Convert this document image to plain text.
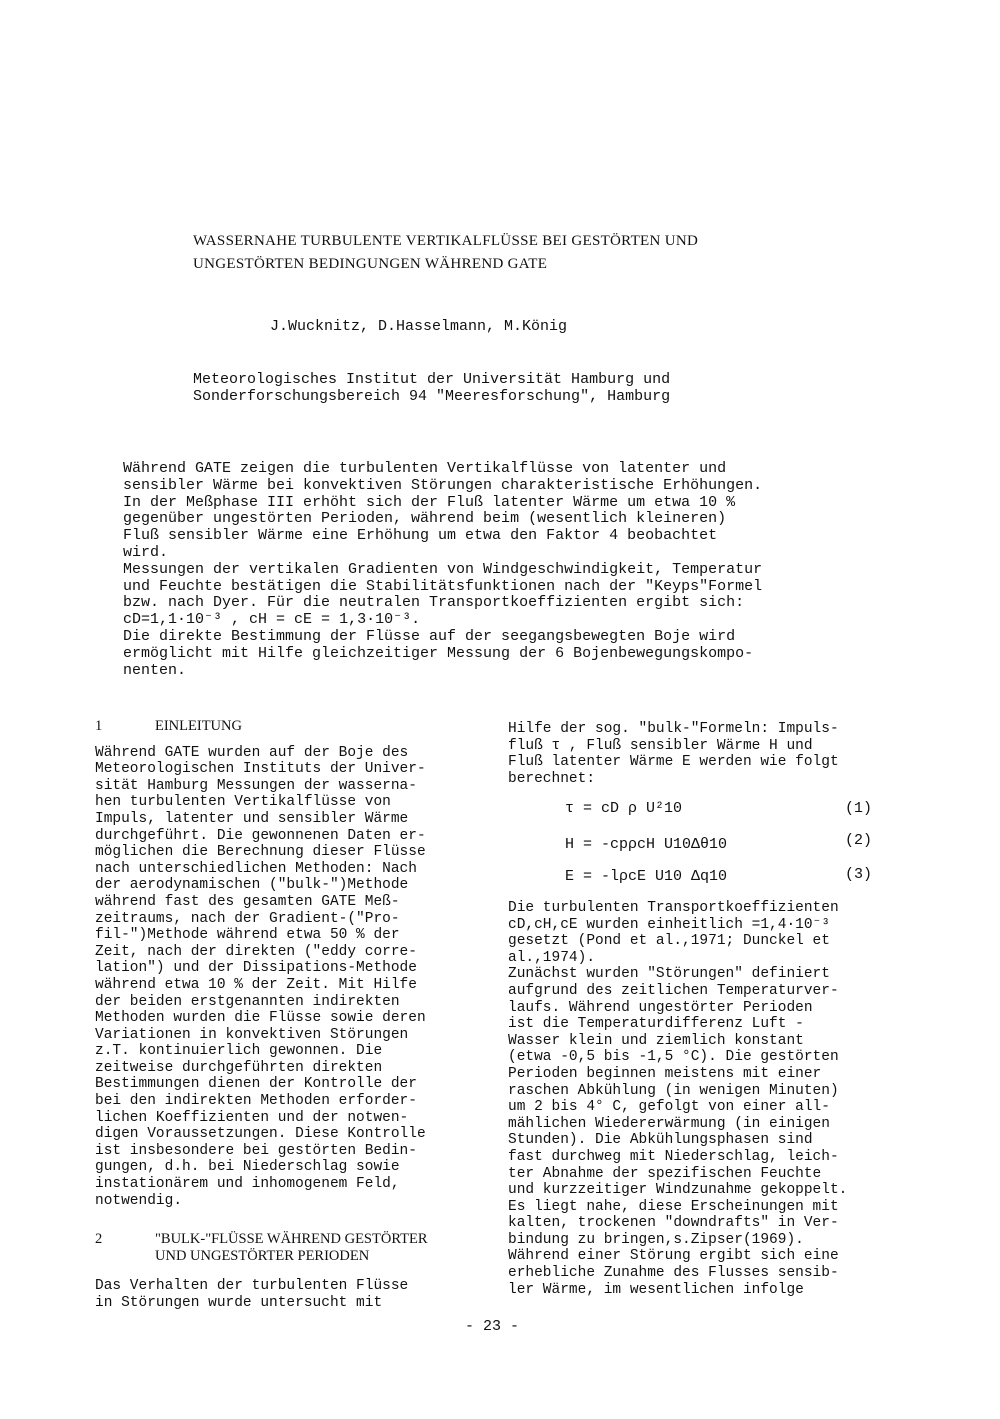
WASSERNAHE TURBULENTE VERTIKALFLÜSSE BEI GESTÖRTEN UND
UNGESTÖRTEN BEDINGUNGEN WÄHREND GATE
J.Wucknitz, D.Hasselmann, M.König
Meteorologisches Institut der Universität Hamburg und
Sonderforschungsbereich 94 "Meeresforschung", Hamburg
Während GATE zeigen die turbulenten Vertikalflüsse von latenter und
sensibler Wärme bei konvektiven Störungen charakteristische Erhöhungen.
In der Meßphase III erhöht sich der Fluß latenter Wärme um etwa 10 %
gegenüber ungestörten Perioden, während beim (wesentlich kleineren)
Fluß sensibler Wärme eine Erhöhung um etwa den Faktor 4 beobachtet
wird.
Messungen der vertikalen Gradienten von Windgeschwindigkeit, Temperatur
und Feuchte bestätigen die Stabilitätsfunktionen nach der "Keyps"Formel
bzw. nach Dyer. Für die neutralen Transportkoeffizienten ergibt sich:
cD=1,1·10⁻³ , cH = cE = 1,3·10⁻³.
Die direkte Bestimmung der Flüsse auf der seegangsbewegten Boje wird
ermöglicht mit Hilfe gleichzeitiger Messung der 6 Bojenbewegungskompo-
nenten.
1	EINLEITUNG
Während GATE wurden auf der Boje des
Meteorologischen Instituts der Univer-
sität Hamburg Messungen der wasserna-
hen turbulenten Vertikalflüsse von
Impuls, latenter und sensibler Wärme
durchgeführt. Die gewonnenen Daten er-
möglichen die Berechnung dieser Flüsse
nach unterschiedlichen Methoden: Nach
der aerodynamischen ("bulk-")Methode
während fast des gesamten GATE Meß-
zeitraums, nach der Gradient-("Pro-
fil-")Methode während etwa 50 % der
Zeit, nach der direkten ("eddy corre-
lation") und der Dissipations-Methode
während etwa 10 % der Zeit. Mit Hilfe
der beiden erstgenannten indirekten
Methoden wurden die Flüsse sowie deren
Variationen in konvektiven Störungen
z.T. kontinuierlich gewonnen. Die
zeitweise durchgeführten direkten
Bestimmungen dienen der Kontrolle der
bei den indirekten Methoden erforder-
lichen Koeffizienten und der notwen-
digen Voraussetzungen. Diese Kontrolle
ist insbesondere bei gestörten Bedin-
gungen, d.h. bei Niederschlag sowie
instationärem und inhomogenem Feld,
notwendig.
2	"BULK-"FLÜSSE WÄHREND GESTÖRTER
UND UNGESTÖRTER PERIODEN
Das Verhalten der turbulenten Flüsse
in Störungen wurde untersucht mit
Hilfe der sog. "bulk-"Formeln: Impuls-
fluß τ , Fluß sensibler Wärme H und
Fluß latenter Wärme E werden wie folgt
berechnet:
τ = cD ρ U²10	(1)
H = -cpρcH U10Δθ10	(2)
E = -lρcE U10 Δq10	(3)
Die turbulenten Transportkoeffizienten
cD,cH,cE wurden einheitlich =1,4·10⁻³
gesetzt (Pond et al.,1971; Dunckel et
al.,1974).
Zunächst wurden "Störungen" definiert
aufgrund des zeitlichen Temperaturver-
laufs. Während ungestörter Perioden
ist die Temperaturdifferenz Luft -
Wasser klein und ziemlich konstant
(etwa -0,5 bis -1,5 °C). Die gestörten
Perioden beginnen meistens mit einer
raschen Abkühlung (in wenigen Minuten)
um 2 bis 4° C, gefolgt von einer all-
mählichen Wiedererwärmung (in einigen
Stunden). Die Abkühlungsphasen sind
fast durchweg mit Niederschlag, leich-
ter Abnahme der spezifischen Feuchte
und kurzzeitiger Windzunahme gekoppelt.
Es liegt nahe, diese Erscheinungen mit
kalten, trockenen "downdrafts" in Ver-
bindung zu bringen,s.Zipser(1969).
Während einer Störung ergibt sich eine
erhebliche Zunahme des Flusses sensib-
ler Wärme, im wesentlichen infolge
- 23 -
